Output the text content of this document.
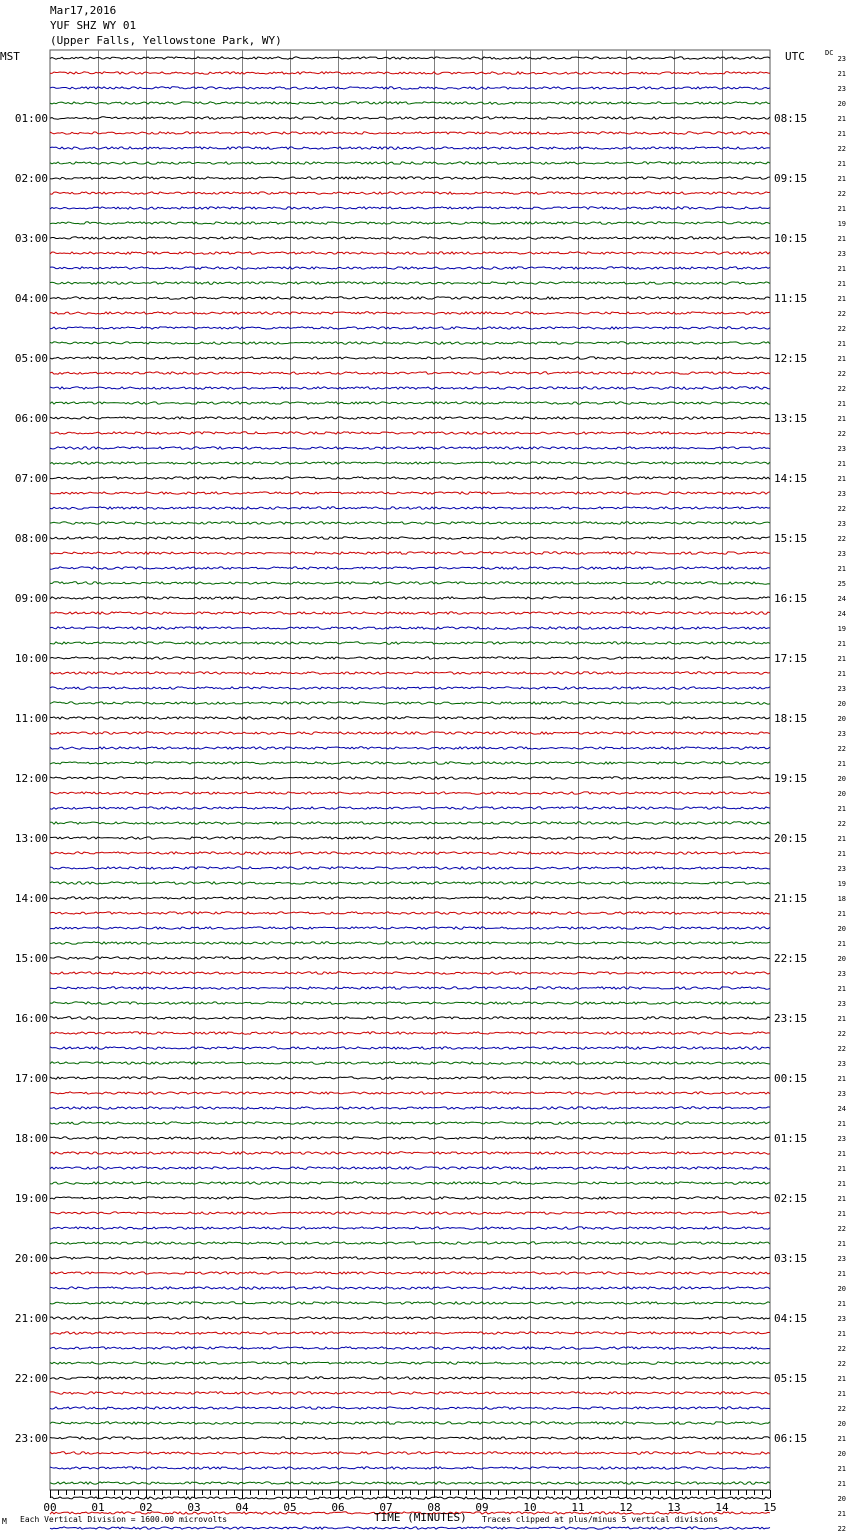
Mar17,2016
YUF SHZ WY 01
(Upper Falls, Yellowstone Park, WY)
MST	UTC	DC
23
21
23
20
21
21
22
21
21
22
21
19
21
23
21
21
21
22
22
21
21
22
22
21
21
22
23
21
21
23
22
23
22
23
21
25
24
24
19
21
21
21
23
20
20
23
22
21
20
20
21
22
21
21
23
19
18
21
20
21
20
23
21
23
21
22
22
23
21
23
24
21
23
21
21
21
21
21
22
21
23
21
20
21
23
21
22
22
21
21
22
20
21
20
21
21
20
21
22
01:00
02:00
03:00
04:00
05:00
06:00
07:00
08:00
09:00
10:00
11:00
12:00
13:00
14:00
15:00
16:00
17:00
18:00
19:00
20:00
21:00
22:00
23:00
08:15
09:15
10:15
11:15
12:15
13:15
14:15
15:15
16:15
17:15
18:15
19:15
20:15
21:15
22:15
23:15
00:15
01:15
02:15
03:15
04:15
05:15
06:15
00	01	02	03	04	05	06	07	08	09	10	11	12	13	14	15
M Each Vertical Division = 1600.00 microvolts	TIME (MINUTES) Traces clipped at plus/minus 5 vertical divisions
